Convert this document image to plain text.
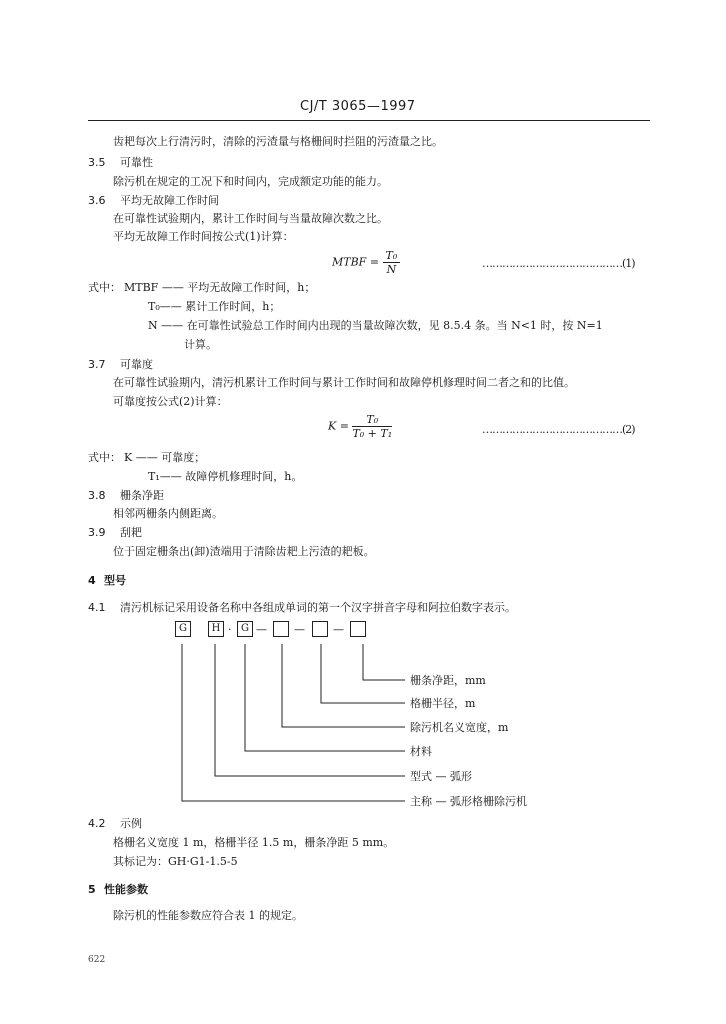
CJ/T 3065—1997
齿耙每次上行清污时，清除的污渣量与格栅间时拦阻的污渣量之比。
3.5 可靠性
除污机在规定的工况下和时间内，完成额定功能的能力。
3.6 平均无故障工作时间
在可靠性试验期内，累计工作时间与当量故障次数之比。
平均无故障工作时间按公式(1)计算：
MTBF = $\frac{\text{T₀}}{N}$	……………………………………(1)
式中： MTBF —— 平均无故障工作时间，h；
T₀—— 累计工作时间，h；
N —— 在可靠性试验总工作时间内出现的当量故障次数，见 8.5.4 条。当 N<1 时，按 N=1
计算。
3.7 可靠度
在可靠性试验期内，清污机累计工作时间与累计工作时间和故障停机修理时间二者之和的比值。
可靠度按公式(2)计算：
$K = \frac{\text{T₀}}{\text{T₀ + T₁}}$	……………………………………(2)
式中： K —— 可靠度；
T₁—— 故障停机修理时间，h。
3.8 栅条净距
相邻两栅条内侧距离。
3.9 刮耙
位于固定栅条出(卸)渣端用于清除齿耙上污渣的耙板。
4 型号
4.1 清污机标记采用设备名称中各组成单词的第一个汉字拼音字母和阿拉伯数字表示。
G	H · G — —	—
栅条净距，mm
格栅半径，m
除污机名义宽度，m
材料
型式 — 弧形
主称 — 弧形格栅除污机
4.2 示例
格栅名义宽度 1 m，格栅半径 1.5 m，栅条净距 5 mm。
其标记为：GH·G1-1.5-5
5 性能参数
除污机的性能参数应符合表 1 的规定。
622
